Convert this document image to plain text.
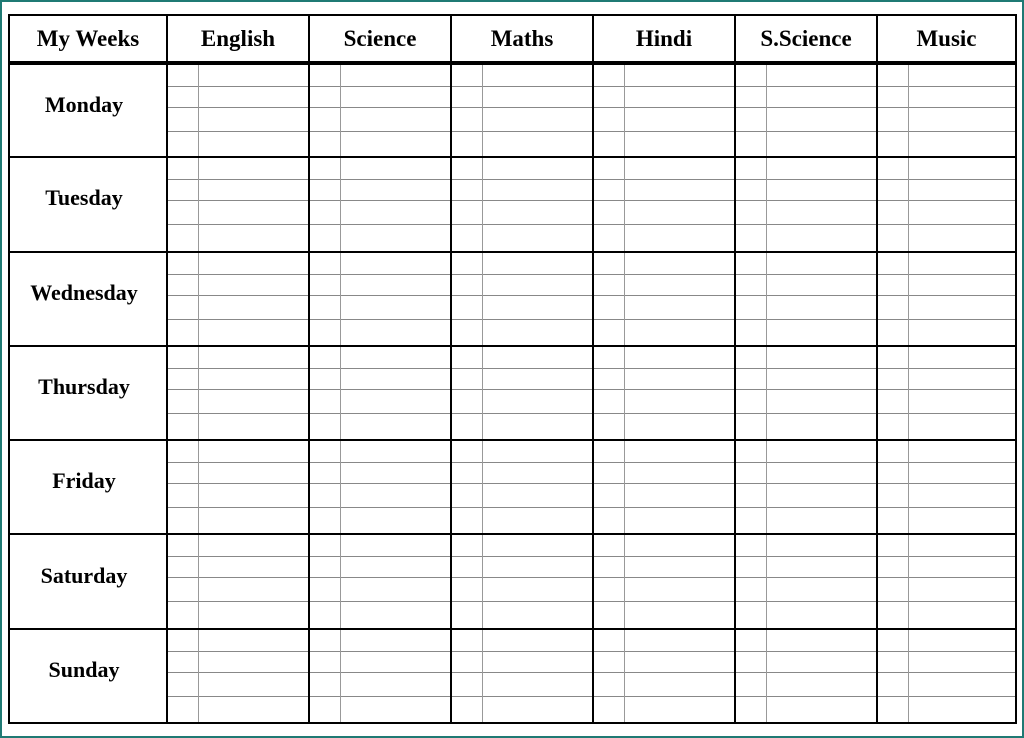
My Weeks	English	Science	Maths	Hindi	S.Science	Music
Monday	

Tuesday	

Wednesday	

Thursday	

Friday	

Saturday	

Sunday	
